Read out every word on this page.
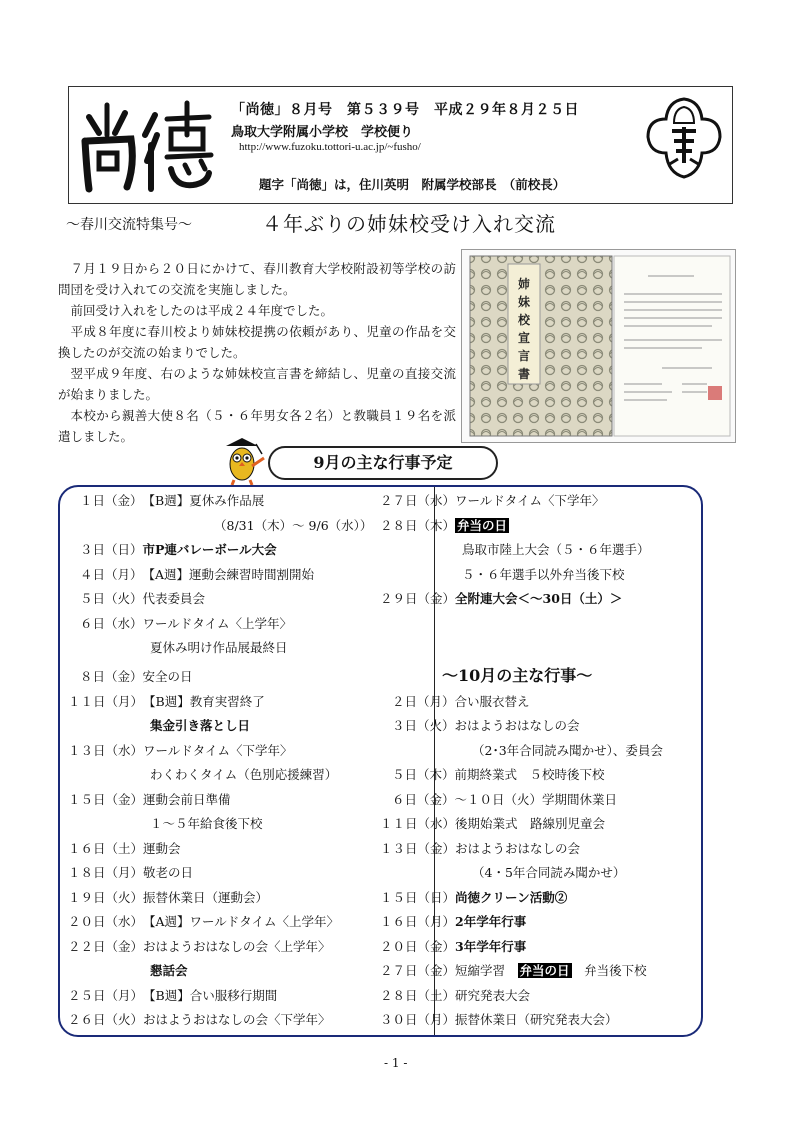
「尚徳」８月号　第５３９号　平成２９年８月２５日
鳥取大学附属小学校　学校便り
http://www.fuzoku.tottori-u.ac.jp/~fusho/
題字「尚徳」は，住川英明　附属学校部長　（前校長）
～春川交流特集号～	４年ぶりの姉妹校受け入れ交流

７月１９日から２０日にかけて、春川教育大学校附設初等学校の訪問団を受け入れての交流を実施しました。

前回受け入れをしたのは平成２４年度でした。

平成８年度に春川校より姉妹校提携の依頼があり、児童の作品を交換したのが交流の始まりでした。

翌平成９年度、右のような姉妹校宣言書を締結し、児童の直接交流が始まりました。

本校から親善大使８名（５・６年男女各２名）と教職員１９名を派遣しました。

姉
妹
校
宣
言
書
9月の主な行事予定
１日（金）【B週】夏休み作品展
（8/31（木）～ 9/6（水））
３日（日）市P連バレーボール大会
４日（月）【A週】運動会練習時間割開始
５日（火）代表委員会
６日（水）ワールドタイム〈上学年〉
夏休み明け作品展最終日
８日（金）安全の日
１１日（月）【B週】教育実習終了
集金引き落とし日
１３日（水）ワールドタイム〈下学年〉
わくわくタイム（色別応援練習）
１５日（金）運動会前日準備
１～５年給食後下校
１６日（土）運動会
１８日（月）敬老の日
１９日（火）振替休業日（運動会）
２０日（水）【A週】ワールドタイム〈上学年〉
２２日（金）おはようおはなしの会〈上学年〉
懇話会
２５日（月）【B週】合い服移行期間
２６日（火）おはようおはなしの会〈下学年〉
２７日（水）ワールドタイム〈下学年〉
２８日（木） 弁当の日
鳥取市陸上大会（５・６年選手）
５・６年選手以外弁当後下校
２９日（金）全附連大会＜～30日（土）＞
～10月の主な行事～
２日（月）合い服衣替え
３日（火）おはようおはなしの会
（2･3年合同読み聞かせ）、委員会
５日（木）前期終業式　５校時後下校
６日（金）～１０日（火）学期間休業日
１１日（水）後期始業式　路線別児童会
１３日（金）おはようおはなしの会
（4・5年合同読み聞かせ）
１５日（日）尚徳クリーン活動②
１６日（月）2年学年行事
２０日（金）3年学年行事
２７日（金）短縮学習　 弁当の日　 弁当後下校
２８日（土）研究発表大会
３０日（月）振替休業日（研究発表大会）
- 1 -
